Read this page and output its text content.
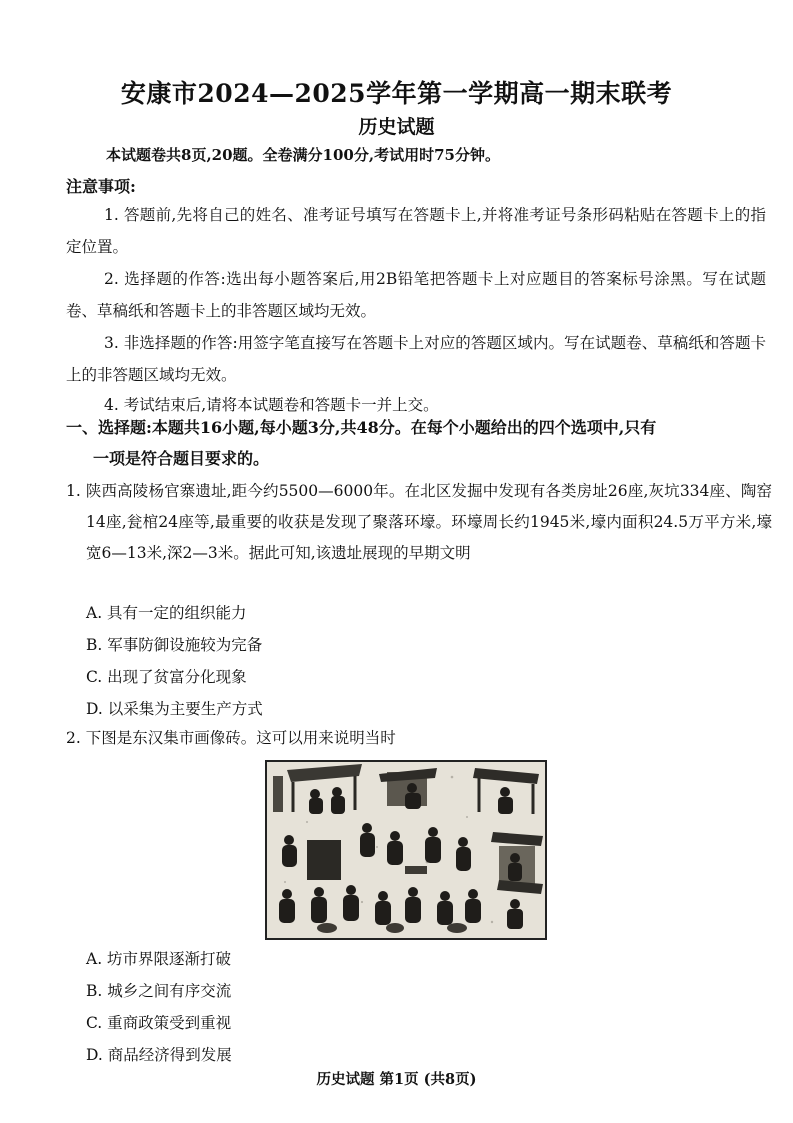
安康市2024—2025学年第一学期高一期末联考
历史试题
本试题卷共8页,20题。全卷满分100分,考试用时75分钟。
注意事项:
1. 答题前,先将自己的姓名、准考证号填写在答题卡上,并将准考证号条形码粘贴在答题卡上的指定位置。
2. 选择题的作答:选出每小题答案后,用2B铅笔把答题卡上对应题目的答案标号涂黑。写在试题卷、草稿纸和答题卡上的非答题区域均无效。
3. 非选择题的作答:用签字笔直接写在答题卡上对应的答题区域内。写在试题卷、草稿纸和答题卡上的非答题区域均无效。
4. 考试结束后,请将本试题卷和答题卡一并上交。
一、选择题:本题共16小题,每小题3分,共48分。在每个小题给出的四个选项中,只有
一项是符合题目要求的。
1. 陕西高陵杨官寨遗址,距今约5500—6000年。在北区发掘中发现有各类房址26座,灰坑334座、陶窑14座,瓮棺24座等,最重要的收获是发现了聚落环壕。环壕周长约1945米,壕内面积24.5万平方米,壕宽6—13米,深2—3米。据此可知,该遗址展现的早期文明
A. 具有一定的组织能力
B. 军事防御设施较为完备
C. 出现了贫富分化现象
D. 以采集为主要生产方式
2. 下图是东汉集市画像砖。这可以用来说明当时
A. 坊市界限逐渐打破
B. 城乡之间有序交流
C. 重商政策受到重视
D. 商品经济得到发展
历史试题 第1页 (共8页)
